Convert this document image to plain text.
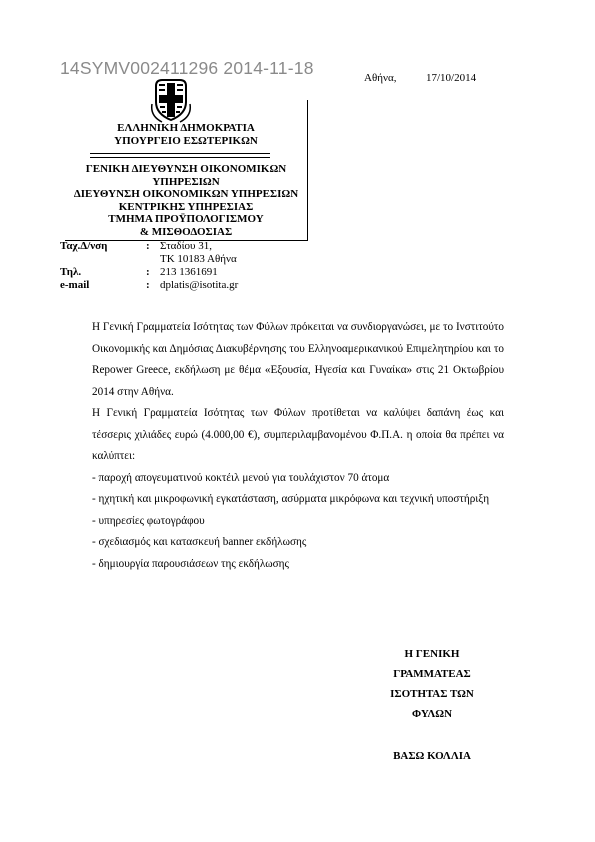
14SYMV002411296 2014-11-18	Αθήνα,	17/10/2014
ΕΛΛΗΝΙΚΗ ΔΗΜΟΚΡΑΤΙΑ
ΥΠΟΥΡΓΕΙΟ ΕΣΩΤΕΡΙΚΩΝ
ΓΕΝΙΚΗ ΔΙΕΥΘΥΝΣΗ ΟΙΚΟΝΟΜΙΚΩΝ
ΥΠΗΡΕΣΙΩΝ
ΔΙΕΥΘΥΝΣΗ ΟΙΚΟΝΟΜΙΚΩΝ ΥΠΗΡΕΣΙΩΝ
ΚΕΝΤΡΙΚΗΣ ΥΠΗΡΕΣΙΑΣ
ΤΜΗΜΑ ΠΡΟΫΠΟΛΟΓΙΣΜΟΥ
& ΜΙΣΘΟΔΟΣΙΑΣ
Ταχ.Δ/νση	: Σταδίου 31,
ΤΚ 10183 Αθήνα
Τηλ.	: 213 1361691
e-mail	: dplatis@isotita.gr

Η Γενική Γραμματεία Ισότητας των Φύλων πρόκειται να συνδιοργανώσει, με το Ινστιτούτο Οικονομικής και Δημόσιας Διακυβέρνησης του Ελληνοαμερικανικού Επιμελητηρίου και το Repower Greece, εκδήλωση με θέμα «Εξουσία, Ηγεσία και Γυναίκα» στις 21 Οκτωβρίου 2014 στην Αθήνα.

Η Γενική Γραμματεία Ισότητας των Φύλων προτίθεται να καλύψει δαπάνη έως και τέσσερις χιλιάδες ευρώ (4.000,00 €), συμπεριλαμβανομένου Φ.Π.Α. η οποία θα πρέπει να καλύπτει:

- παροχή απογευματινού κοκτέιλ μενού για τουλάχιστον 70 άτομα

- ηχητική και μικροφωνική εγκατάσταση, ασύρματα μικρόφωνα και τεχνική υποστήριξη

- υπηρεσίες φωτογράφου

- σχεδιασμός και κατασκευή banner εκδήλωσης

- δημιουργία παρουσιάσεων της εκδήλωσης

Η ΓΕΝΙΚΗ
ΓΡΑΜΜΑΤΕΑΣ
ΙΣΟΤΗΤΑΣ ΤΩΝ
ΦΥΛΩΝ
ΒΑΣΩ ΚΟΛΛΙΑ
